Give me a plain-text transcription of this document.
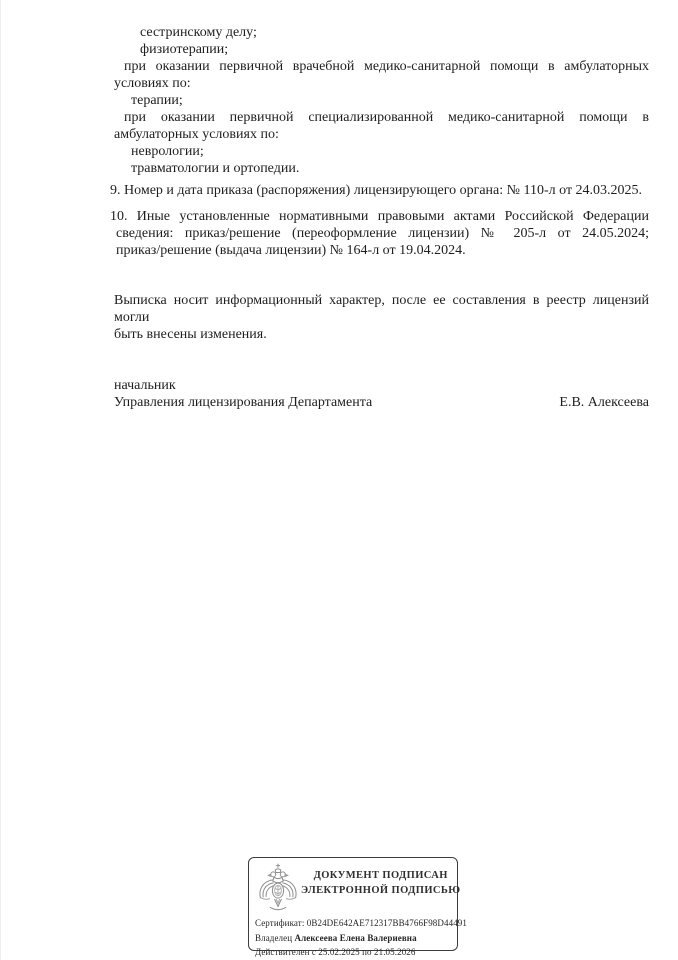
сестринскому делу;
физиотерапии;
при оказании первичной врачебной медико-санитарной помощи в амбулаторных
условиях по:
терапии;
при оказании первичной специализированной медико-санитарной помощи в
амбулаторных условиях по:
неврологии;
травматологии и ортопедии.
9. Номер и дата приказа (распоряжения) лицензирующего органа: № 110-л от 24.03.2025.
10. Иные установленные нормативными правовыми актами Российской Федерации
сведения: приказ/решение (переоформление лицензии) № 205-л от 24.05.2024;
приказ/решение (выдача лицензии) № 164-л от 19.04.2024.
Выписка носит информационный характер, после ее составления в реестр лицензий могли
быть внесены изменения.
начальник
Управления лицензирования Департамента	Е.В. Алексеева
ДОКУМЕНТ ПОДПИСАН
ЭЛЕКТРОННОЙ ПОДПИСЬЮ
Сертификат: 0B24DE642AE712317BB4766F98D44491
Владелец Алексеева Елена Валериевна
Действителен с 25.02.2025 по 21.05.2026
